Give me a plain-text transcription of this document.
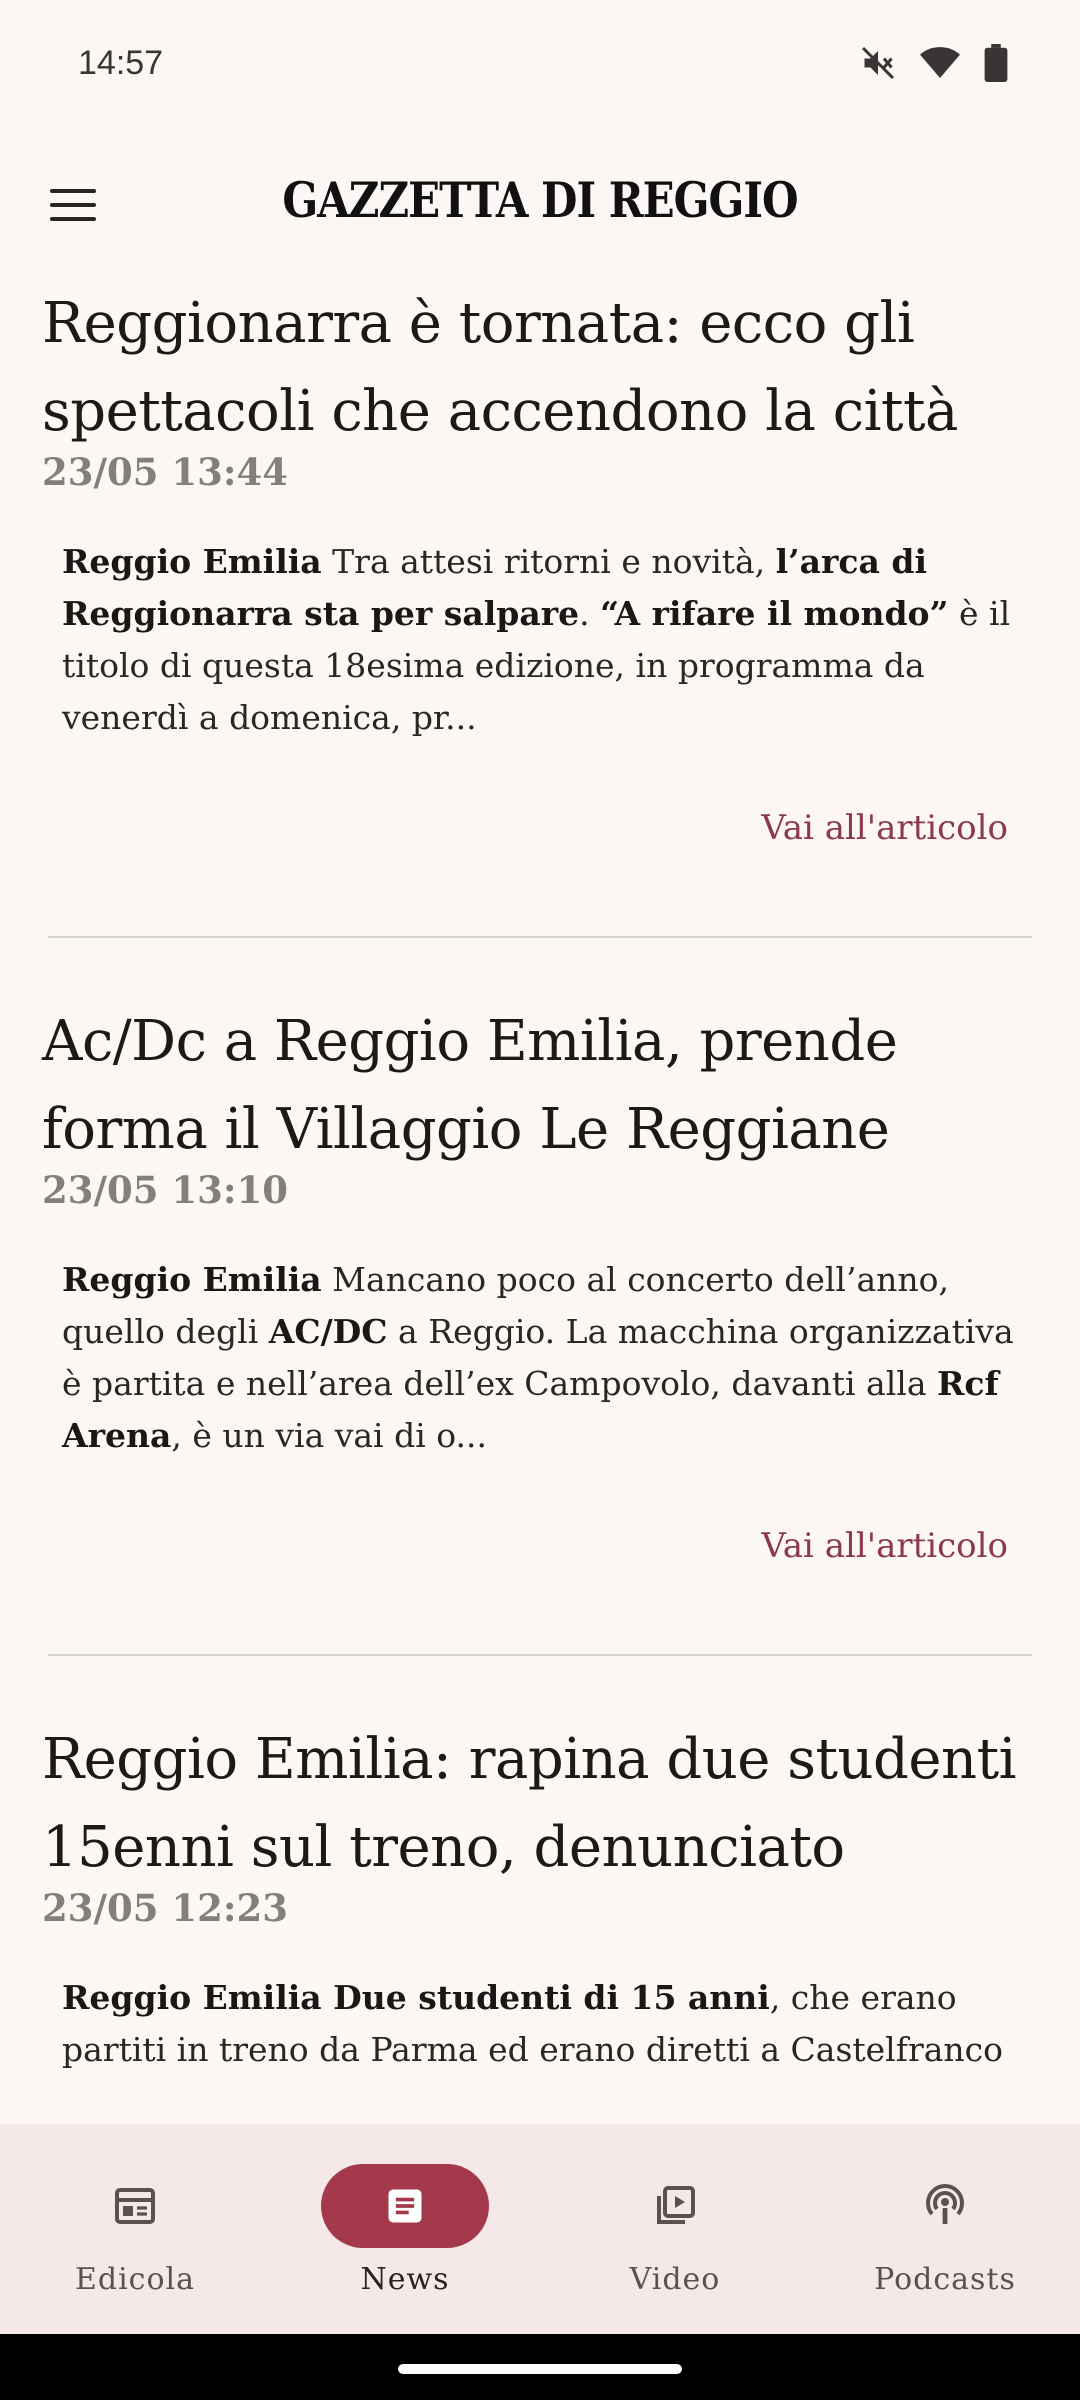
14:57
GAZZETTA DI REGGIO
Reggionarra è tornata: ecco gli spettacoli che accendono la città
23/05 13:44
Reggio Emilia Tra attesi ritorni e novità, l’arca di Reggionarra sta per salpare. “A rifare il mondo” è il titolo di questa 18esima edizione, in programma da venerdì a domenica, pr...
Vai all'articolo
Ac/Dc a Reggio Emilia, prende forma il Villaggio Le Reggiane
23/05 13:10
Reggio Emilia Mancano poco al concerto dell’anno, quello degli AC/DC a Reggio. La macchina organizzativa è partita e nell’area dell’ex Campovolo, davanti alla Rcf Arena, è un via vai di o...
Vai all'articolo
Reggio Emilia: rapina due studenti 15enni sul treno, denunciato
23/05 12:23
Reggio Emilia Due studenti di 15 anni, che erano partiti in treno da Parma ed erano diretti a Castelfranco
Edicola	News	Video	Podcasts
